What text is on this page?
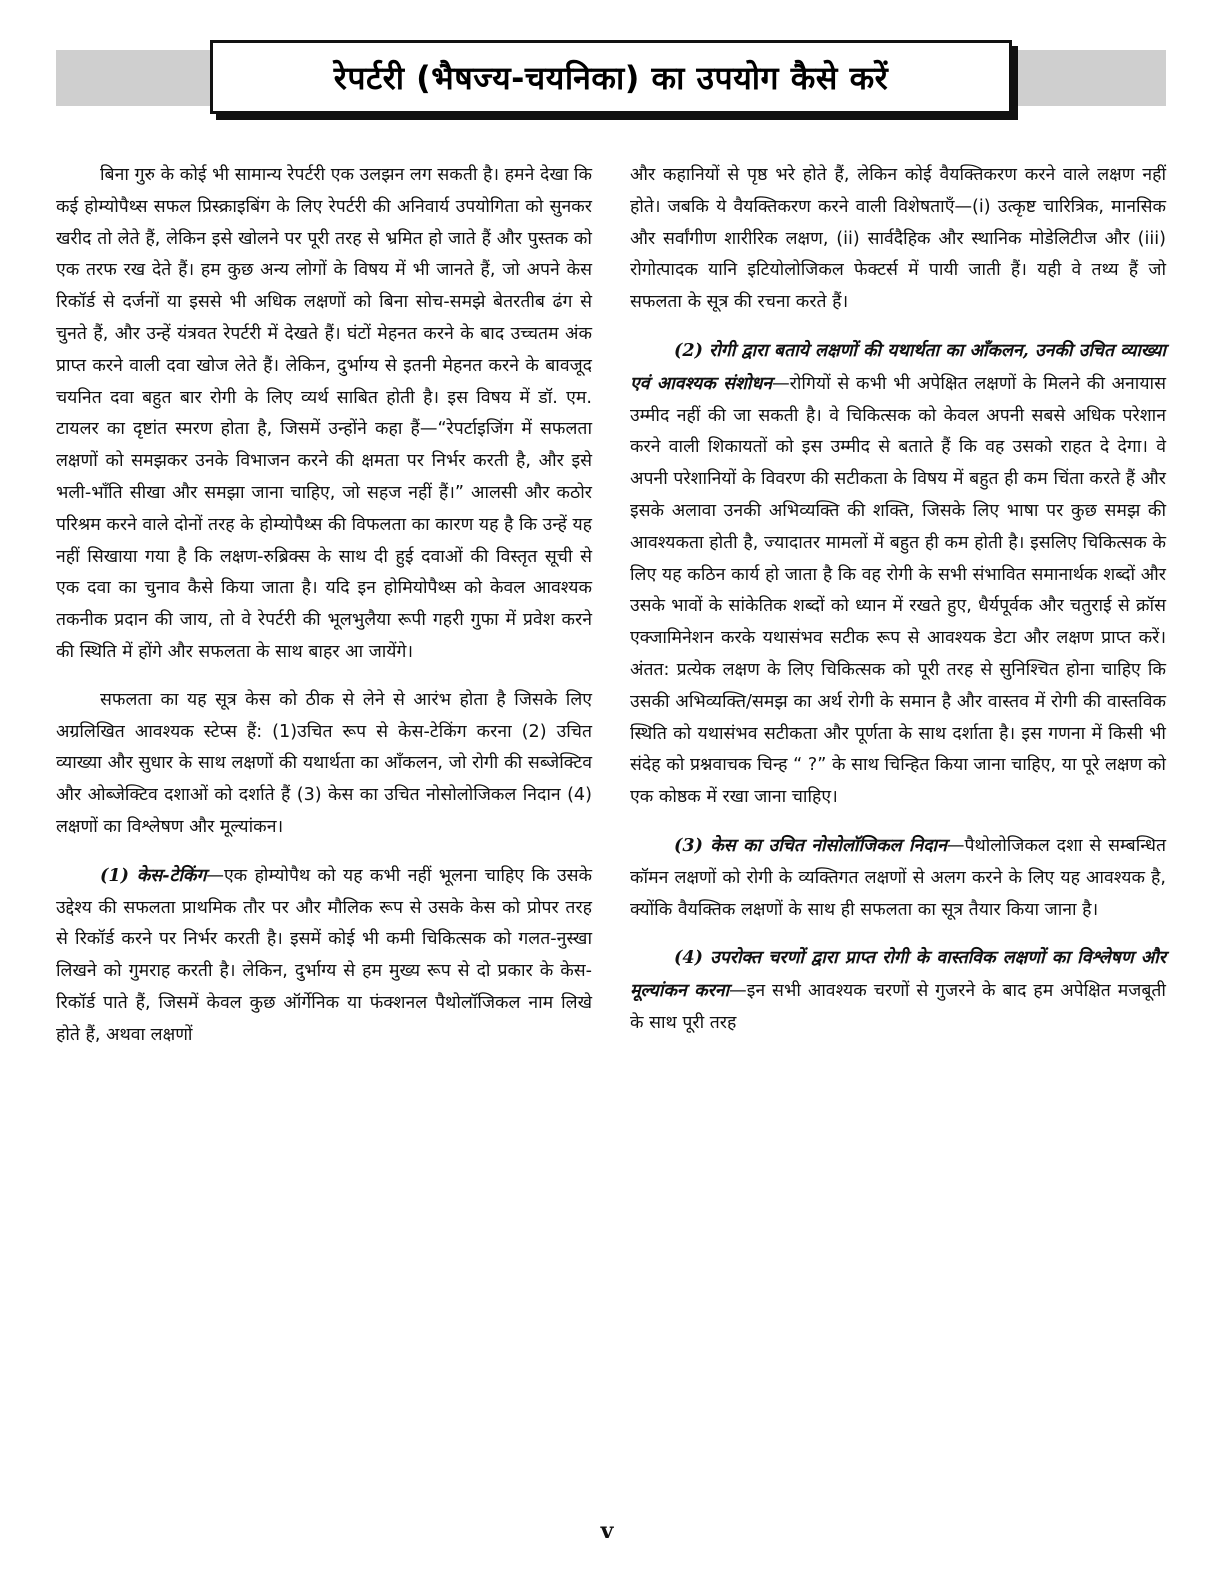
रेपर्टरी (भैषज्य-चयनिका) का उपयोग कैसे करें

बिना गुरु के कोई भी सामान्य रेपर्टरी एक उलझन लग सकती है। हमने देखा कि कई होम्योपैथ्स सफल प्रिस्क्राइबिंग के लिए रेपर्टरी की अनिवार्य उपयोगिता को सुनकर खरीद तो लेते हैं, लेकिन इसे खोलने पर पूरी तरह से भ्रमित हो जाते हैं और पुस्तक को एक तरफ रख देते हैं। हम कुछ अन्य लोगों के विषय में भी जानते हैं, जो अपने केस रिकॉर्ड से दर्जनों या इससे भी अधिक लक्षणों को बिना सोच-समझे बेतरतीब ढंग से चुनते हैं, और उन्हें यंत्रवत रेपर्टरी में देखते हैं। घंटों मेहनत करने के बाद उच्चतम अंक प्राप्त करने वाली दवा खोज लेते हैं। लेकिन, दुर्भाग्य से इतनी मेहनत करने के बावजूद चयनित दवा बहुत बार रोगी के लिए व्यर्थ साबित होती है। इस विषय में डॉ. एम. टायलर का दृष्टांत स्मरण होता है, जिसमें उन्होंने कहा हैं—“रेपर्टाइजिंग में सफलता लक्षणों को समझकर उनके विभाजन करने की क्षमता पर निर्भर करती है, और इसे भली-भाँति सीखा और समझा जाना चाहिए, जो सहज नहीं हैं।” आलसी और कठोर परिश्रम करने वाले दोनों तरह के होम्योपैथ्स की विफलता का कारण यह है कि उन्हें यह नहीं सिखाया गया है कि लक्षण-रुब्रिक्स के साथ दी हुई दवाओं की विस्तृत सूची से एक दवा का चुनाव कैसे किया जाता है। यदि इन होमियोपैथ्स को केवल आवश्यक तकनीक प्रदान की जाय, तो वे रेपर्टरी की भूलभुलैया रूपी गहरी गुफा में प्रवेश करने की स्थिति में होंगे और सफलता के साथ बाहर आ जायेंगे।

सफलता का यह सूत्र केस को ठीक से लेने से आरंभ होता है जिसके लिए अग्रलिखित आवश्यक स्टेप्स हैं: (1)उचित रूप से केस-टेकिंग करना (2) उचित व्याख्या और सुधार के साथ लक्षणों की यथार्थता का आँकलन, जो रोगी की सब्जेक्टिव और ओब्जेक्टिव दशाओं को दर्शाते हैं (3) केस का उचित नोसोलोजिकल निदान (4) लक्षणों का विश्लेषण और मूल्यांकन।

(1) केस-टेकिंग—एक होम्योपैथ को यह कभी नहीं भूलना चाहिए कि उसके उद्देश्य की सफलता प्राथमिक तौर पर और मौलिक रूप से उसके केस को प्रोपर तरह से रिकॉर्ड करने पर निर्भर करती है। इसमें कोई भी कमी चिकित्सक को गलत-नुस्खा लिखने को गुमराह करती है। लेकिन, दुर्भाग्य से हम मुख्य रूप से दो प्रकार के केस-रिकॉर्ड पाते हैं, जिसमें केवल कुछ ऑर्गेनिक या फंक्शनल पैथोलॉजिकल नाम लिखे होते हैं, अथवा लक्षणों

और कहानियों से पृष्ठ भरे होते हैं, लेकिन कोई वैयक्तिकरण करने वाले लक्षण नहीं होते। जबकि ये वैयक्तिकरण करने वाली विशेषताएँ—(i) उत्कृष्ट चारित्रिक, मानसिक और सर्वांगीण शारीरिक लक्षण, (ii) सार्वदैहिक और स्थानिक मोडेलिटीज और (iii) रोगोत्पादक यानि इटियोलोजिकल फेक्टर्स में पायी जाती हैं। यही वे तथ्य हैं जो सफलता के सूत्र की रचना करते हैं।

(2) रोगी द्वारा बताये लक्षणों की यथार्थता का आँकलन, उनकी उचित व्याख्या एवं आवश्यक संशोधन—रोगियों से कभी भी अपेक्षित लक्षणों के मिलने की अनायास उम्मीद नहीं की जा सकती है। वे चिकित्सक को केवल अपनी सबसे अधिक परेशान करने वाली शिकायतों को इस उम्मीद से बताते हैं कि वह उसको राहत दे देगा। वे अपनी परेशानियों के विवरण की सटीकता के विषय में बहुत ही कम चिंता करते हैं और इसके अलावा उनकी अभिव्यक्ति की शक्ति, जिसके लिए भाषा पर कुछ समझ की आवश्यकता होती है, ज्यादातर मामलों में बहुत ही कम होती है। इसलिए चिकित्सक के लिए यह कठिन कार्य हो जाता है कि वह रोगी के सभी संभावित समानार्थक शब्दों और उसके भावों के सांकेतिक शब्दों को ध्यान में रखते हुए, धैर्यपूर्वक और चतुराई से क्रॉस एक्जामिनेशन करके यथासंभव सटीक रूप से आवश्यक डेटा और लक्षण प्राप्त करें। अंतत: प्रत्येक लक्षण के लिए चिकित्सक को पूरी तरह से सुनिश्चित होना चाहिए कि उसकी अभिव्यक्ति/समझ का अर्थ रोगी के समान है और वास्तव में रोगी की वास्तविक स्थिति को यथासंभव सटीकता और पूर्णता के साथ दर्शाता है। इस गणना में किसी भी संदेह को प्रश्नवाचक चिन्ह “ ?” के साथ चिन्हित किया जाना चाहिए, या पूरे लक्षण को एक कोष्ठक में रखा जाना चाहिए।

(3) केस का उचित नोसोलॉजिकल निदान—पैथोलोजिकल दशा से सम्बन्धित कॉमन लक्षणों को रोगी के व्यक्तिगत लक्षणों से अलग करने के लिए यह आवश्यक है, क्योंकि वैयक्तिक लक्षणों के साथ ही सफलता का सूत्र तैयार किया जाना है।

(4) उपरोक्त चरणों द्वारा प्राप्त रोगी के वास्तविक लक्षणों का विश्लेषण और मूल्यांकन करना—इन सभी आवश्यक चरणों से गुजरने के बाद हम अपेक्षित मजबूती के साथ पूरी तरह

v
